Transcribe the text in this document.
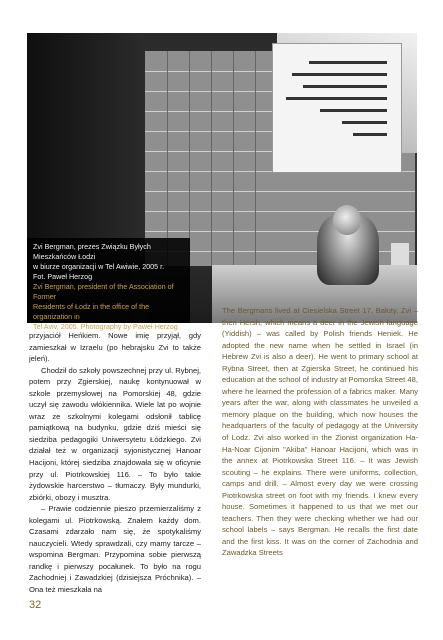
Zvi Bergman, prezes Związku Byłych Mieszkańców Łodzi
w biurze organizacji w Tel Awiwie, 2005 r.
Fot. Paweł Herzog
Zvi Bergman, president of the Association of Former
Residents of Łodz in the office of the organization in
Tel Aviv, 2005. Photography by Paweł Herzog

przyjaciół Heńkiem. Nowe imię przyjął, gdy zamieszkał w Izraelu (po hebrajsku Zvi to także jeleń).

Chodził do szkoły powszechnej przy ul. Rybnej, potem przy Zgierskiej, naukę kontynuował w szkole przemysłowej na Pomorskiej 48, gdzie uczył się zawodu włókiennika. Wiele lat po wojnie wraz ze szkolnymi kolegami odsłonił tablicę pamiątkową na budynku, gdzie dziś mieści się siedziba pedagogiki Uniwersytetu Łódzkiego. Zvi działał też w organizacji syjonistycznej Hanoar Hacijoni, której siedziba znajdowała się w oficynie przy ul. Piotrkowskiej 116. – To było takie żydowskie harcerstwo – tłumaczy. Były mundurki, zbiórki, obozy i musztra.

– Prawie codziennie pieszo przemierzaliśmy z kolegami ul. Piotrkowską. Znałem każdy dom. Czasami zdarzało nam się, że spotykaliśmy nauczycieli. Wtedy sprawdzali, czy mamy tarcze – wspomina Bergman. Przypomina sobie pierwszą randkę i pierwszy pocałunek. To było na rogu Zachodniej i Zawadzkiej (dzisiejsza Próchnika). – Ona też mieszkała na

The Bergmans lived at Ciesielska Street 17, Bałuty. Zvi – then Hersh, which means a deer in the Jewish language (Yiddish) – was called by Polish friends Heniek. He adopted the new name when he settled in Israel (in Hebrew Zvi is also a deer). He went to primary school at Rybna Street, then at Zgierska Street, he continued his education at the school of industry at Pomorska Street 48, where he learned the profession of a fabrics maker. Many years after the war, along with classmates he unveiled a memory plaque on the building, which now houses the headquarters of the faculty of pedagogy at the University of Lodz. Zvi also worked in the Zionist organization Ha-Ha-Noar Cijonim "Akiba" Hanoar Hacijoni, which was in the annex at Piotrkowska Street 116. – It was Jewish scouting – he explains. There were uniforms, collection, camps and drill. – Almost every day we were crossing Piotrkowska street on foot with my friends. I knew every house. Sometimes it happened to us that we met our teachers. Then they were checking whether we had our school labels – says Bergman. He recalls the first date and the first kiss. It was on the corner of Zachodnia and Zawadzka Streets

32
